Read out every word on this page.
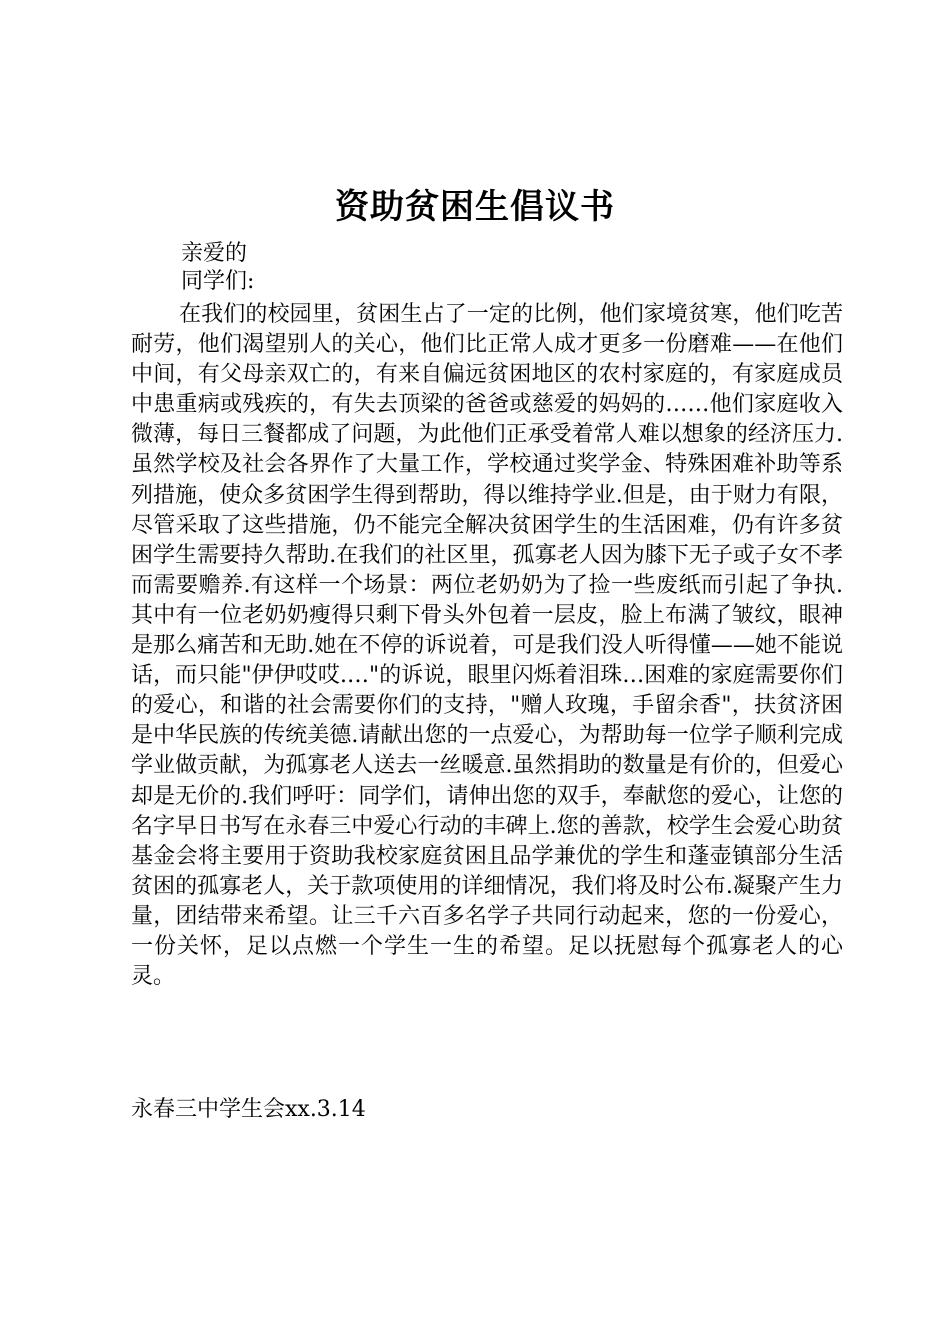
资助贫困生倡议书
亲爱的
同学们:

在我们的校园里，贫困生占了一定的比例，他们家境贫寒，他们吃苦耐劳，他们渴望别人的关心，他们比正常人成才更多一份磨难——在他们中间，有父母亲双亡的，有来自偏远贫困地区的农村家庭的，有家庭成员中患重病或残疾的，有失去顶梁的爸爸或慈爱的妈妈的……他们家庭收入微薄，每日三餐都成了问题，为此他们正承受着常人难以想象的经济压力.虽然学校及社会各界作了大量工作，学校通过奖学金、特殊困难补助等系列措施，使众多贫困学生得到帮助，得以维持学业.但是，由于财力有限，尽管采取了这些措施，仍不能完全解决贫困学生的生活困难，仍有许多贫困学生需要持久帮助.在我们的社区里，孤寡老人因为膝下无子或子女不孝而需要赡养.有这样一个场景：两位老奶奶为了捡一些废纸而引起了争执.其中有一位老奶奶瘦得只剩下骨头外包着一层皮，脸上布满了皱纹，眼神是那么痛苦和无助.她在不停的诉说着，可是我们没人听得懂——她不能说话，而只能"伊伊哎哎.…"的诉说，眼里闪烁着泪珠…困难的家庭需要你们的爱心，和谐的社会需要你们的支持，"赠人玫瑰，手留余香"，扶贫济困是中华民族的传统美德.请献出您的一点爱心，为帮助每一位学子顺利完成学业做贡献，为孤寡老人送去一丝暖意.虽然捐助的数量是有价的，但爱心却是无价的.我们呼吁：同学们，请伸出您的双手，奉献您的爱心，让您的名字早日书写在永春三中爱心行动的丰碑上.您的善款，校学生会爱心助贫基金会将主要用于资助我校家庭贫困且品学兼优的学生和蓬壶镇部分生活贫困的孤寡老人，关于款项使用的详细情况，我们将及时公布.凝聚产生力量，团结带来希望。让三千六百多名学子共同行动起来，您的一份爱心，一份关怀，足以点燃一个学生一生的希望。足以抚慰每个孤寡老人的心灵。

永春三中学生会xx.3.14
